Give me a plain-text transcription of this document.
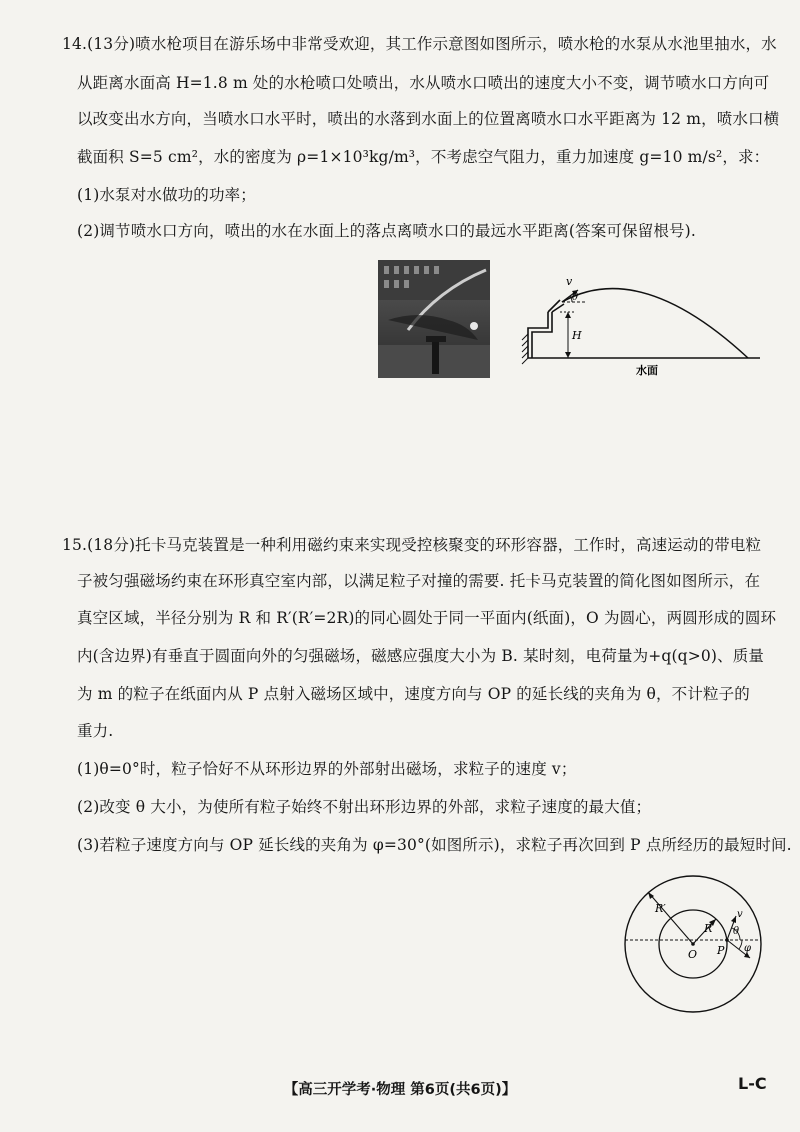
14.(13分)喷水枪项目在游乐场中非常受欢迎，其工作示意图如图所示，喷水枪的水泵从水池里抽水，水
从距离水面高 H=1.8 m 处的水枪喷口处喷出，水从喷水口喷出的速度大小不变，调节喷水口方向可
以改变出水方向，当喷水口水平时，喷出的水落到水面上的位置离喷水口水平距离为 12 m，喷水口横
截面积 S=5 cm²，水的密度为 ρ=1×10³kg/m³，不考虑空气阻力，重力加速度 g=10 m/s²，求：
(1)水泵对水做功的功率；
(2)调节喷水口方向，喷出的水在水面上的落点离喷水口的最远水平距离(答案可保留根号).
v
θ
H
水面
15.(18分)托卡马克装置是一种利用磁约束来实现受控核聚变的环形容器，工作时，高速运动的带电粒
子被匀强磁场约束在环形真空室内部，以满足粒子对撞的需要. 托卡马克装置的简化图如图所示，在
真空区域，半径分别为 R 和 R′(R′=2R)的同心圆处于同一平面内(纸面)，O 为圆心，两圆形成的圆环
内(含边界)有垂直于圆面向外的匀强磁场，磁感应强度大小为 B. 某时刻，电荷量为+q(q>0)、质量
为 m 的粒子在纸面内从 P 点射入磁场区域中，速度方向与 OP 的延长线的夹角为 θ，不计粒子的
重力.
(1)θ=0°时，粒子恰好不从环形边界的外部射出磁场，求粒子的速度 v；
(2)改变 θ 大小，为使所有粒子始终不射出环形边界的外部，求粒子速度的最大值；
(3)若粒子速度方向与 OP 延长线的夹角为 φ=30°(如图所示)，求粒子再次回到 P 点所经历的最短时间.
R′
R
O P
v
θ
φ
【高三开学考·物理 第6页(共6页)】	L-C
